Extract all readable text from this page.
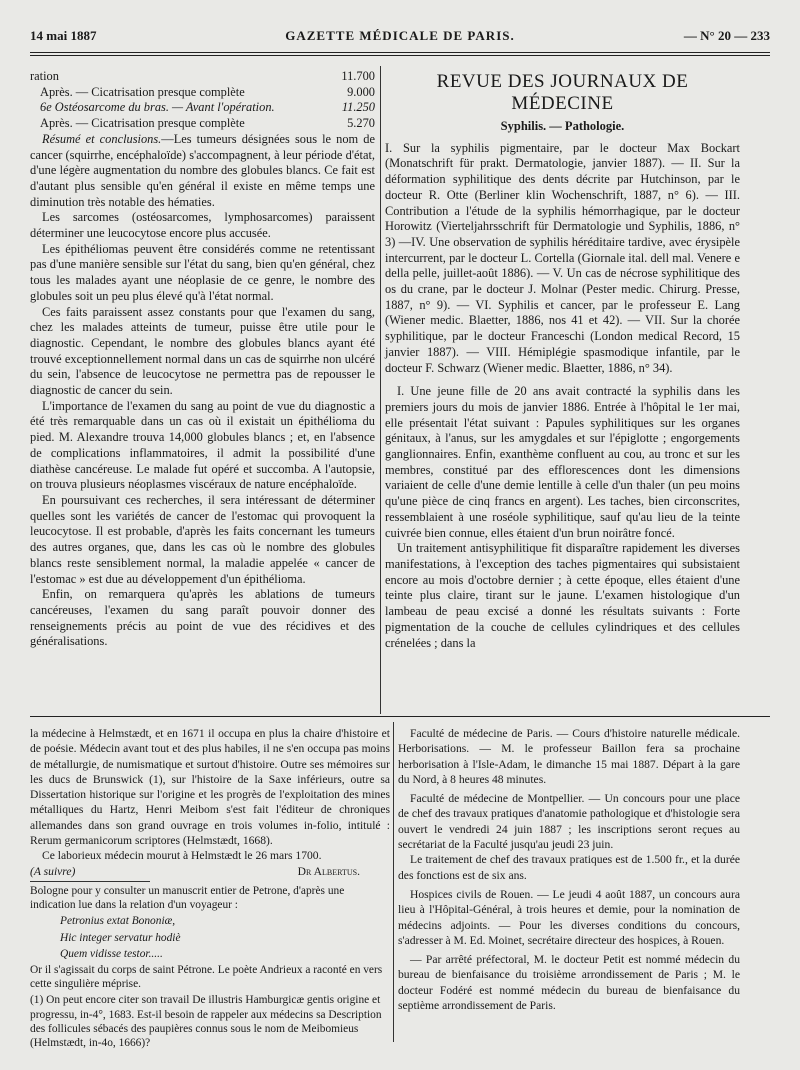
14 mai 1887	GAZETTE MÉDICALE DE PARIS.	— N° 20 — 233
ration	11.700
Après. — Cicatrisation presque complète	9.000
6e Ostéosarcome du bras. — Avant l'opération.	11.250
Après. — Cicatrisation presque complète	5.270

Résumé et conclusions.—Les tumeurs désignées sous le nom de cancer (squirrhe, encéphaloïde) s'accompagnent, à leur période d'état, d'une légère augmentation du nombre des globules blancs. Ce fait est d'autant plus sensible qu'en général il existe en même temps une diminution très notable des hématies.

Les sarcomes (ostéosarcomes, lymphosarcomes) paraissent déterminer une leucocytose encore plus accusée.

Les épithéliomas peuvent être considérés comme ne retentissant pas d'une manière sensible sur l'état du sang, bien qu'en général, chez tous les malades ayant une néoplasie de ce genre, le nombre des globules soit un peu plus élevé qu'à l'état normal.

Ces faits paraissent assez constants pour que l'examen du sang, chez les malades atteints de tumeur, puisse être utile pour le diagnostic. Cependant, le nombre des globules blancs ayant été trouvé exceptionnellement normal dans un cas de squirrhe non ulcéré du sein, l'absence de leucocytose ne permettra pas de repousser le diagnostic de cancer du sein.

L'importance de l'examen du sang au point de vue du diagnostic a été très remarquable dans un cas où il existait un épithélioma du pied. M. Alexandre trouva 14,000 globules blancs ; et, en l'absence de complications inflammatoires, il admit la possibilité d'une diathèse cancéreuse. Le malade fut opéré et succomba. A l'autopsie, on trouva plusieurs néoplasmes viscéraux de nature encéphaloïde.

En poursuivant ces recherches, il sera intéressant de déterminer quelles sont les variétés de cancer de l'estomac qui provoquent la leucocytose. Il est probable, d'après les faits concernant les tumeurs des autres organes, que, dans les cas où le nombre des globules blancs reste sensiblement normal, la maladie appelée « cancer de l'estomac » est due au développement d'un épithélioma.

Enfin, on remarquera qu'après les ablations de tumeurs cancéreuses, l'examen du sang paraît pouvoir donner des renseignements précis au point de vue des récidives et des généralisations.

REVUE DES JOURNAUX DE MÉDECINE
Syphilis. — Pathologie.

I. Sur la syphilis pigmentaire, par le docteur Max Bockart (Monatschrift für prakt. Dermatologie, janvier 1887). — II. Sur la déformation syphilitique des dents décrite par Hutchinson, par le docteur R. Otte (Berliner klin Wochenschrift, 1887, n° 6). — III. Contribution a l'étude de la syphilis hémorrhagique, par le docteur Horowitz (Vierteljahrsschrift für Dermatologie und Syphilis, 1886, n° 3) —IV. Une observation de syphilis héréditaire tardive, avec érysipèle intercurrent, par le docteur L. Cortella (Giornale ital. dell mal. Venere e della pelle, juillet-août 1886). — V. Un cas de nécrose syphilitique des os du crane, par le docteur J. Molnar (Pester medic. Chirurg. Presse, 1887, n° 9). — VI. Syphilis et cancer, par le professeur E. Lang (Wiener medic. Blaetter, 1886, nos 41 et 42). — VII. Sur la chorée syphilitique, par le docteur Franceschi (London medical Record, 15 janvier 1887). — VIII. Hémiplégie spasmodique infantile, par le docteur F. Schwarz (Wiener medic. Blaetter, 1886, n° 34).

I. Une jeune fille de 20 ans avait contracté la syphilis dans les premiers jours du mois de janvier 1886. Entrée à l'hôpital le 1er mai, elle présentait l'état suivant : Papules syphilitiques sur les organes génitaux, à l'anus, sur les amygdales et sur l'épiglotte ; engorgements ganglionnaires. Enfin, exanthème confluent au cou, au tronc et sur les membres, constitué par des efflorescences dont les dimensions variaient de celle d'une demie lentille à celle d'un thaler (un peu moins qu'une pièce de cinq francs en argent). Les taches, bien circonscrites, ressemblaient à une roséole syphilitique, sauf qu'au lieu de la teinte cuivrée bien connue, elles étaient d'un brun noirâtre foncé.

Un traitement antisyphilitique fit disparaître rapidement les diverses manifestations, à l'exception des taches pigmentaires qui subsistaient encore au mois d'octobre dernier ; à cette époque, elles étaient d'une teinte plus claire, tirant sur le jaune. L'examen histologique d'un lambeau de peau excisé a donné les résultats suivants : Forte pigmentation de la couche de cellules cylindriques et des cellules crénelées ; dans la

la médecine à Helmstædt, et en 1671 il occupa en plus la chaire d'histoire et de poésie. Médecin avant tout et des plus habiles, il ne s'en occupa pas moins de métallurgie, de numismatique et surtout d'histoire. Outre ses mémoires sur les ducs de Brunswick (1), sur l'histoire de la Saxe inférieurs, outre sa Dissertation historique sur l'origine et les progrès de l'exploitation des mines métalliques du Hartz, Henri Meibom s'est fait l'éditeur de chroniques allemandes dans son grand ouvrage en trois volumes in-folio, intitulé : Rerum germanicorum scriptores (Helmstædt, 1668).

Ce laborieux médecin mourut à Helmstædt le 26 mars 1700.

(A suivre)	Dr Albertus.
Bologne pour y consulter un manuscrit entier de Petrone, d'après une indication lue dans la relation d'un voyageur :
Petronius extat Bononiæ,
Hic integer servatur hodiè
Quem vidisse testor.....
Or il s'agissait du corps de saint Pétrone. Le poète Andrieux a raconté en vers cette singulière méprise.
(1) On peut encore citer son travail De illustris Hamburgicæ gentis origine et progressu, in-4°, 1683. Est-il besoin de rappeler aux médecins sa Description des follicules sébacés des paupières connus sous le nom de Meibomieus (Helmstædt, in-4o, 1666)?

Faculté de médecine de Paris. — Cours d'histoire naturelle médicale. Herborisations. — M. le professeur Baillon fera sa prochaine herborisation à l'Isle-Adam, le dimanche 15 mai 1887. Départ à la gare du Nord, à 8 heures 48 minutes.

Faculté de médecine de Montpellier. — Un concours pour une place de chef des travaux pratiques d'anatomie pathologique et d'histologie sera ouvert le vendredi 24 juin 1887 ; les inscriptions seront reçues au secrétariat de la Faculté jusqu'au jeudi 23 juin.

Le traitement de chef des travaux pratiques est de 1.500 fr., et la durée des fonctions est de six ans.

Hospices civils de Rouen. — Le jeudi 4 août 1887, un concours aura lieu à l'Hôpital-Général, à trois heures et demie, pour la nomination de médecins adjoints. — Pour les diverses conditions du concours, s'adresser à M. Ed. Moinet, secrétaire directeur des hospices, à Rouen.

— Par arrêté préfectoral, M. le docteur Petit est nommé médecin du bureau de bienfaisance du troisième arrondissement de Paris ; M. le docteur Fodéré est nommé médecin du bureau de bienfaisance du septième arrondissement de Paris.
